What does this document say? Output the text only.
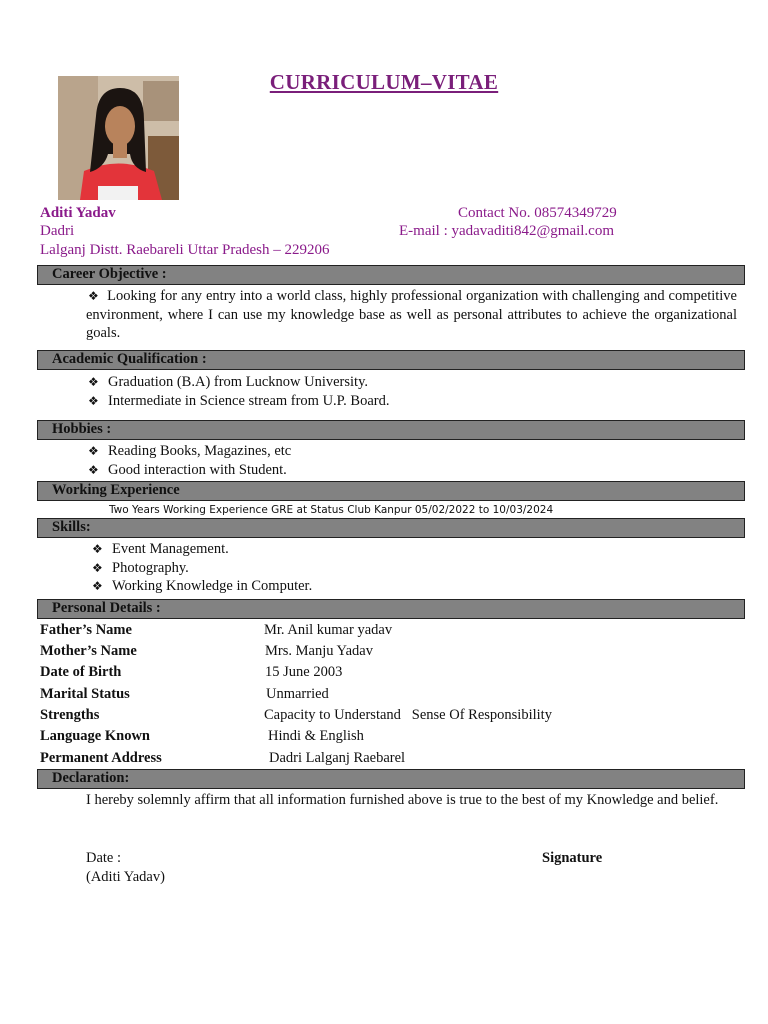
CURRICULUM–VITAE
Aditi Yadav
Dadri
Lalganj Distt. Raebareli Uttar Pradesh – 229206
Contact No. 08574349729
E-mail : yadavaditi842@gmail.com
Career Objective :
❖ Looking for any entry into a world class, highly professional organization with challenging and competitive environment, where I can use my knowledge base as well as personal attributes to achieve the organizational goals.
Academic Qualification :
❖ Graduation (B.A) from Lucknow University.
❖ Intermediate in Science stream from U.P. Board.
Hobbies :
❖ Reading Books, Magazines, etc
❖ Good interaction with Student.
Working Experience
Two Years Working Experience GRE at Status Club Kanpur 05/02/2022 to 10/03/2024
Skills:
❖ Event Management.
❖ Photography.
❖ Working Knowledge in Computer.
Personal Details :
Father’s Name	Mr. Anil kumar yadav
Mother’s Name	Mrs. Manju Yadav
Date of Birth	15 June 2003
Marital Status	Unmarried
Strengths	Capacity to Understand   Sense Of Responsibility
Language Known	Hindi & English
Permanent Address	Dadri Lalganj Raebarel
Declaration:
I hereby solemnly affirm that all information furnished above is true to the best of my Knowledge and belief.
Date :	Signature
(Aditi Yadav)
